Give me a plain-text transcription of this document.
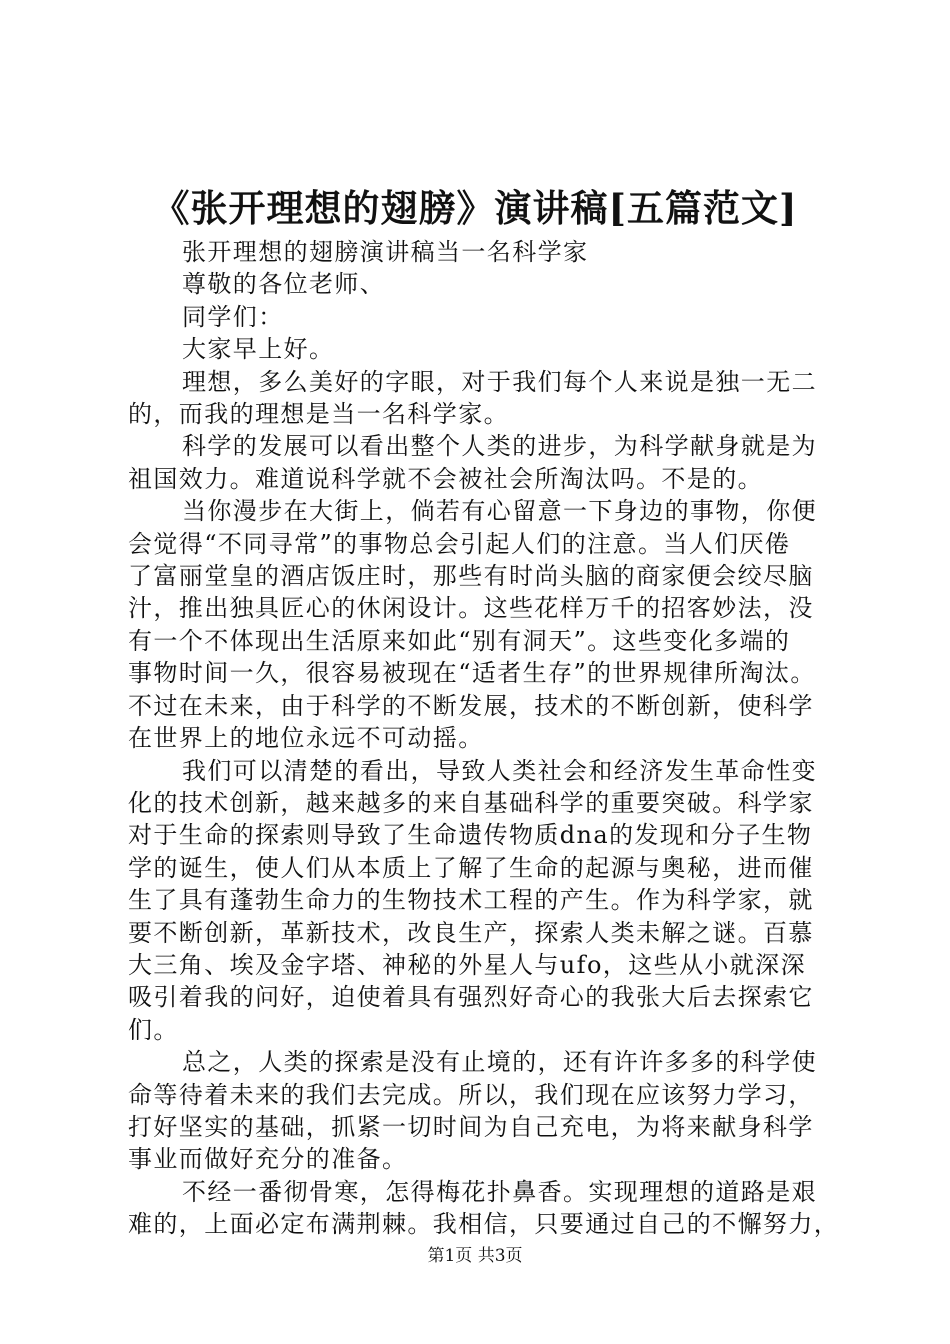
《张开理想的翅膀》演讲稿[五篇范文]

张开理想的翅膀演讲稿当一名科学家

尊敬的各位老师、

同学们：

大家早上好。

理想，多么美好的字眼，对于我们每个人来说是独一无二

的，而我的理想是当一名科学家。

科学的发展可以看出整个人类的进步，为科学献身就是为

祖国效力。难道说科学就不会被社会所淘汰吗。不是的。

当你漫步在大街上，倘若有心留意一下身边的事物，你便

会觉得“不同寻常”的事物总会引起人们的注意。当人们厌倦

了富丽堂皇的酒店饭庄时，那些有时尚头脑的商家便会绞尽脑

汁，推出独具匠心的休闲设计。这些花样万千的招客妙法，没

有一个不体现出生活原来如此“别有洞天”。这些变化多端的

事物时间一久，很容易被现在“适者生存”的世界规律所淘汰。

不过在未来，由于科学的不断发展，技术的不断创新，使科学

在世界上的地位永远不可动摇。

我们可以清楚的看出，导致人类社会和经济发生革命性变

化的技术创新，越来越多的来自基础科学的重要突破。科学家

对于生命的探索则导致了生命遗传物质dna的发现和分子生物

学的诞生，使人们从本质上了解了生命的起源与奥秘，进而催

生了具有蓬勃生命力的生物技术工程的产生。作为科学家，就

要不断创新，革新技术，改良生产，探索人类未解之谜。百慕

大三角、埃及金字塔、神秘的外星人与ufo，这些从小就深深

吸引着我的问好，迫使着具有强烈好奇心的我张大后去探索它

们。

总之，人类的探索是没有止境的，还有许许多多的科学使

命等待着未来的我们去完成。所以，我们现在应该努力学习，

打好坚实的基础，抓紧一切时间为自己充电，为将来献身科学

事业而做好充分的准备。

不经一番彻骨寒，怎得梅花扑鼻香。实现理想的道路是艰

难的，上面必定布满荆棘。我相信，只要通过自己的不懈努力，

第1页 共3页
